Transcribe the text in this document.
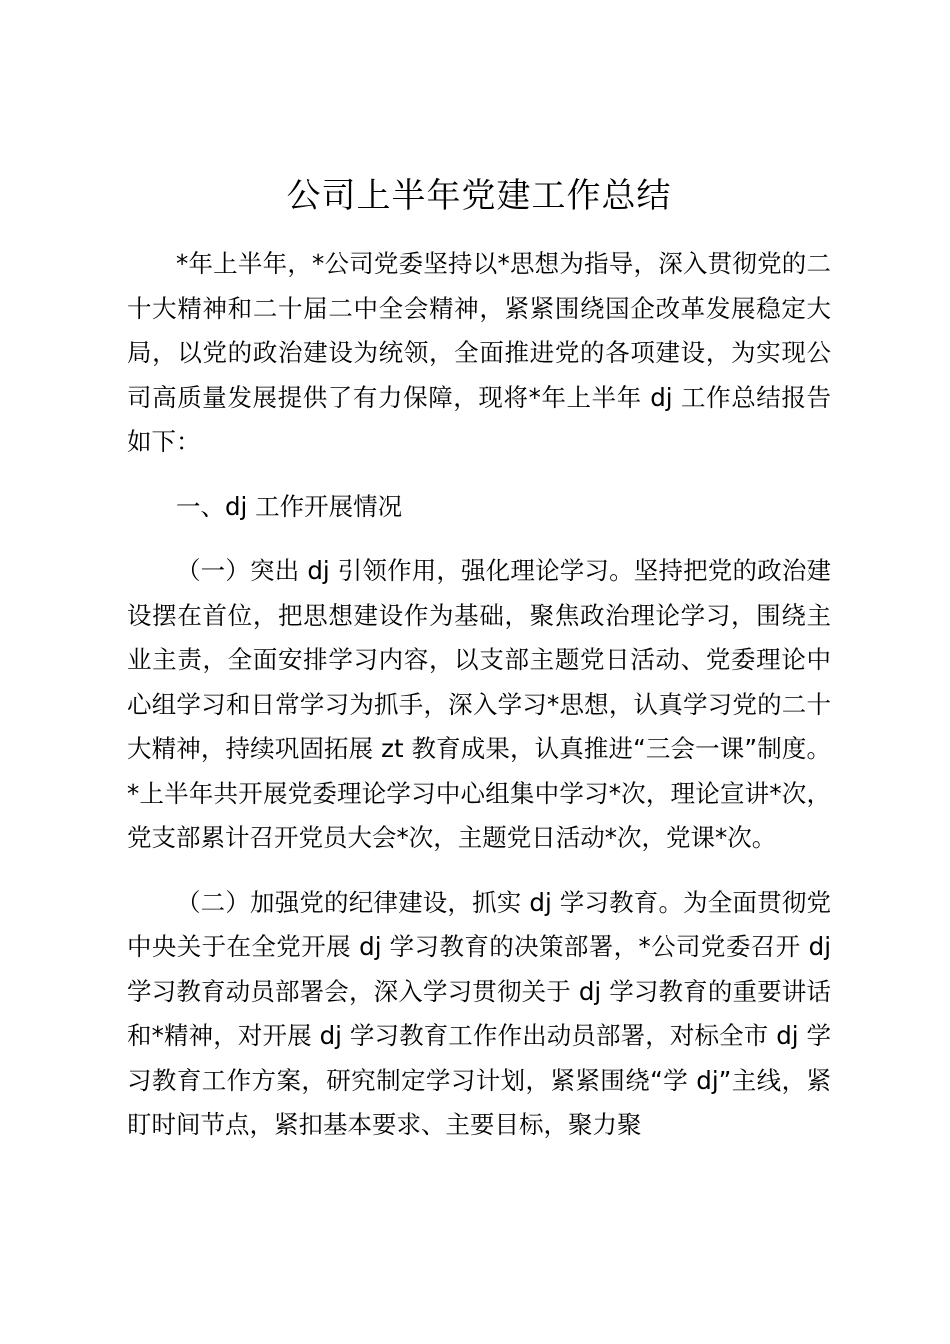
公司上半年党建工作总结

*年上半年，*公司党委坚持以*思想为指导，深入贯彻党的二十大精神和二十届二中全会精神，紧紧围绕国企改革发展稳定大局，以党的政治建设为统领，全面推进党的各项建设，为实现公司高质量发展提供了有力保障，现将*年上半年 dj 工作总结报告如下：

一、dj 工作开展情况

（一）突出 dj 引领作用，强化理论学习。坚持把党的政治建设摆在首位，把思想建设作为基础，聚焦政治理论学习，围绕主业主责，全面安排学习内容，以支部主题党日活动、党委理论中心组学习和日常学习为抓手，深入学习*思想，认真学习党的二十大精神，持续巩固拓展 zt 教育成果，认真推进“三会一课”制度。*上半年共开展党委理论学习中心组集中学习*次，理论宣讲*次，党支部累计召开党员大会*次，主题党日活动*次，党课*次。

（二）加强党的纪律建设，抓实 dj 学习教育。为全面贯彻党中央关于在全党开展 dj 学习教育的决策部署，*公司党委召开 dj 学习教育动员部署会，深入学习贯彻关于 dj 学习教育的重要讲话和*精神，对开展 dj 学习教育工作作出动员部署，对标全市 dj 学习教育工作方案，研究制定学习计划，紧紧围绕“学 dj”主线，紧盯时间节点，紧扣基本要求、主要目标，聚力聚
